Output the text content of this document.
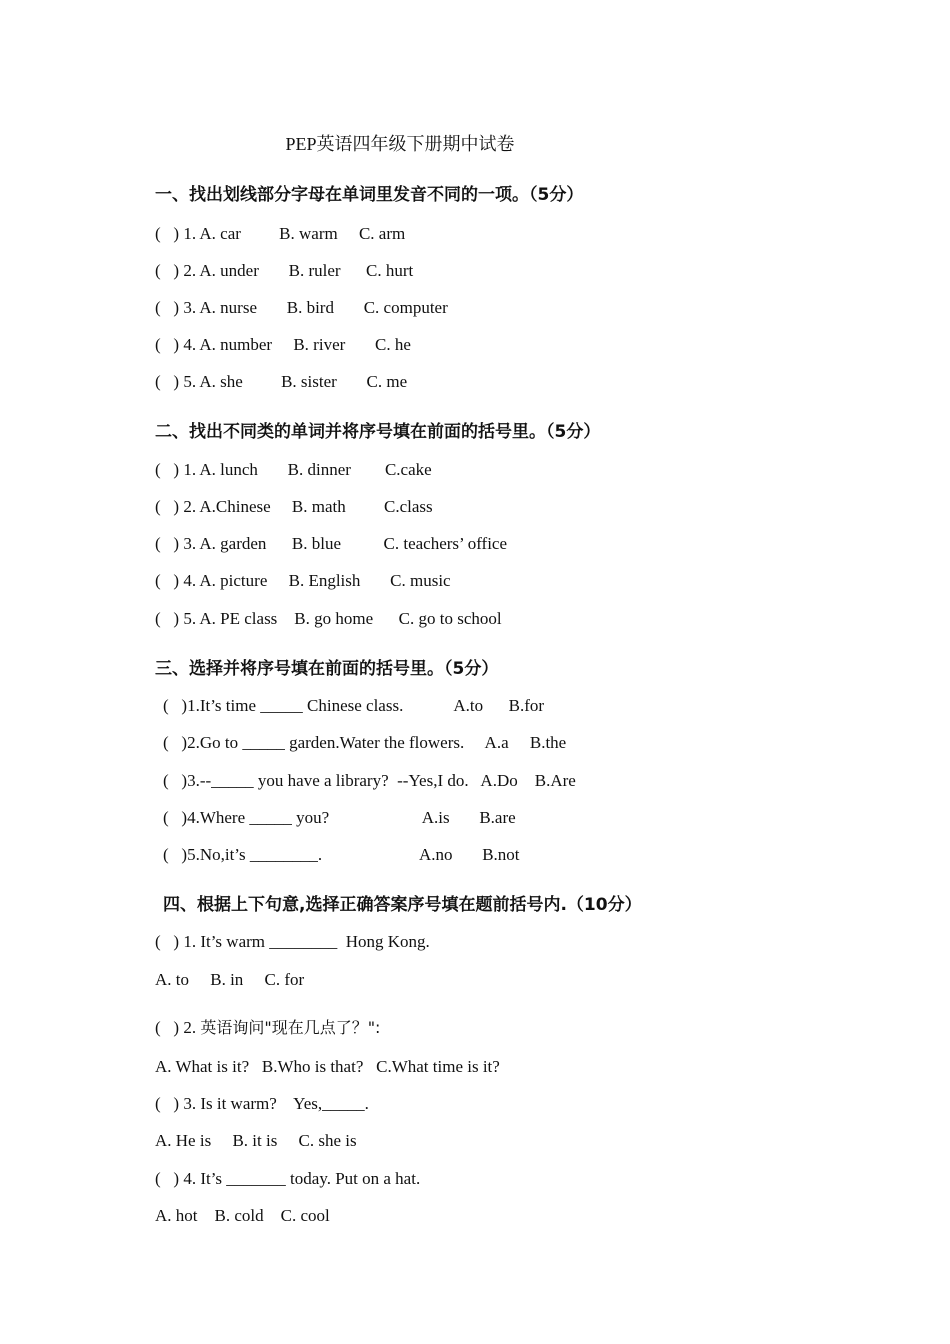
PEP英语四年级下册期中试卷
一、找出划线部分字母在单词里发音不同的一项。（5分）
(   ) 1. A. car         B. warm     C. arm
(   ) 2. A. under       B. ruler      C. hurt
(   ) 3. A. nurse       B. bird       C. computer
(   ) 4. A. number     B. river       C. he
(   ) 5. A. she         B. sister       C. me
二、找出不同类的单词并将序号填在前面的括号里。（5分）
(   ) 1. A. lunch       B. dinner        C.cake
(   ) 2. A.Chinese     B. math         C.class
(   ) 3. A. garden      B. blue          C. teachers’ office
(   ) 4. A. picture     B. English       C. music
(   ) 5. A. PE class    B. go home      C. go to school
三、选择并将序号填在前面的括号里。（5分）
(   )1.It’s time _____ Chinese class.            A.to      B.for
(   )2.Go to _____ garden.Water the flowers.     A.a     B.the
(   )3.--_____ you have a library?  --Yes,I do.   A.Do    B.Are
(   )4.Where _____ you?                      A.is       B.are
(   )5.No,it’s ________.                       A.no       B.not
四、根据上下句意,选择正确答案序号填在题前括号内.（10分）
(   ) 1. It’s warm ________  Hong Kong.
A. to     B. in     C. for
(   ) 2. 英语询问"现在几点了？":
A. What is it?   B.Who is that?   C.What time is it?
(   ) 3. Is it warm?    Yes,_____.
A. He is     B. it is     C. she is
(   ) 4. It’s _______ today. Put on a hat.
A. hot    B. cold    C. cool
